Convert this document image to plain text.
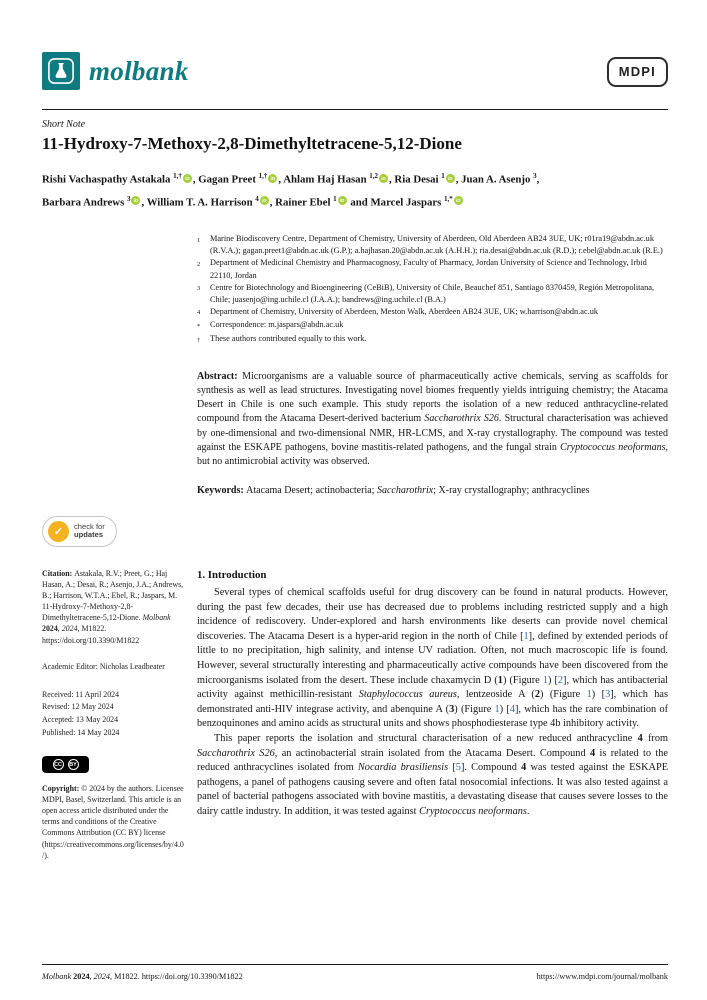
molbank	MDPI
Short Note
11-Hydroxy-7-Methoxy-2,8-Dimethyltetracene-5,12-Dione
Rishi Vachaspathy Astakala $^{1,\dagger}$ iD , Gagan Preet $^{1,\dagger}$ iD , Ahlam Haj Hasan $^{1,2}$ iD , Ria Desai $^1$ iD , Juan A. Asenjo $^3$,
Barbara Andrews $^3$ iD , William T. A. Harrison $^4$ iD , Rainer Ebel $^1$ iD and Marcel Jaspars $^{1,*}$ iD
1	Marine Biodiscovery Centre, Department of Chemistry, University of Aberdeen, Old Aberdeen AB24 3UE, UK; r01ra19@abdn.ac.uk (R.V.A.); gagan.preet1@abdn.ac.uk (G.P.); a.hajhasan.20@abdn.ac.uk (A.H.H.); ria.desai@abdn.ac.uk (R.D.); r.ebel@abdn.ac.uk (R.E.)
2	Department of Medicinal Chemistry and Pharmacognosy, Faculty of Pharmacy, Jordan University of Science and Technology, Irbid 22110, Jordan
3	Centre for Biotechnology and Bioengineering (CeBiB), University of Chile, Beauchef 851, Santiago 8370459, Región Metropolitana, Chile; juasenjo@ing.uchile.cl (J.A.A.); bandrews@ing.uchile.cl (B.A.)
4	Department of Chemistry, University of Aberdeen, Meston Walk, Aberdeen AB24 3UE, UK; w.harrison@abdn.ac.uk
*	Correspondence: m.jaspars@abdn.ac.uk
†	These authors contributed equally to this work.

Abstract: Microorganisms are a valuable source of pharmaceutically active chemicals, serving as scaffolds for synthesis as well as lead structures. Investigating novel biomes frequently yields intriguing chemistry; the Atacama Desert in Chile is one such example. This study reports the isolation of a new reduced anthracycline-related compound from the Atacama Desert-derived bacterium Saccharothrix S26. Structural characterisation was achieved by one-dimensional and two-dimensional NMR, HR-LCMS, and X-ray crystallography. The compound was tested against the ESKAPE pathogens, bovine mastitis-related pathogens, and the fungal strain Cryptococcus neoformans, but no antimicrobial activity was observed.

Keywords: Atacama Desert; actinobacteria; Saccharothrix; X-ray crystallography; anthracyclines

✓	check for
updates

Citation: Astakala, R.V.; Preet, G.; Haj Hasan, A.; Desai, R.; Asenjo, J.A.; Andrews, B.; Harrison, W.T.A.; Ebel, R.; Jaspars, M. 11-Hydroxy-7-Methoxy-2,8-Dimethyltetracene-5,12-Dione. Molbank 2024, 2024, M1822. https://doi.org/10.3390/M1822

Academic Editor: Nicholas Leadbeater

Received: 11 April 2024
Revised: 12 May 2024
Accepted: 13 May 2024
Published: 14 May 2024
CC	BY

Copyright: © 2024 by the authors. Licensee MDPI, Basel, Switzerland. This article is an open access article distributed under the terms and conditions of the Creative Commons Attribution (CC BY) license (https://creativecommons.org/licenses/by/4.0/).

1. Introduction

Several types of chemical scaffolds useful for drug discovery can be found in natural products. However, during the past few decades, their use has decreased due to problems including restricted supply and a high incidence of rediscovery. Under-explored and harsh environments like deserts can provide novel chemical discoveries. The Atacama Desert is a hyper-arid region in the north of Chile [1], defined by extended periods of little to no precipitation, high salinity, and intense UV radiation. Often, not much macroscopic life is found. However, several structurally interesting and pharmaceutically active compounds have been discovered from the microorganisms isolated from the desert. These include chaxamycin D (1) (Figure 1) [2], which has antibacterial activity against methicillin-resistant Staphylococcus aureus, lentzeoside A (2) (Figure 1) [3], which has demonstrated anti-HIV integrase activity, and abenquine A (3) (Figure 1) [4], which has the rare combination of benzoquinones and amino acids as structural units and shows phosphodiesterase type 4b inhibitory activity.

This paper reports the isolation and structural characterisation of a new reduced anthracycline 4 from Saccharothrix S26, an actinobacterial strain isolated from the Atacama Desert. Compound 4 is related to the reduced anthracyclines isolated from Nocardia brasiliensis [5]. Compound 4 was tested against the ESKAPE pathogens, a panel of pathogens causing severe and often fatal nosocomial infections. It was also tested against a panel of bacterial pathogens associated with bovine mastitis, a devastating disease that causes severe losses to the dairy cattle industry. In addition, it was tested against Cryptococcus neoformans.

Molbank 2024, 2024, M1822. https://doi.org/10.3390/M1822	https://www.mdpi.com/journal/molbank
